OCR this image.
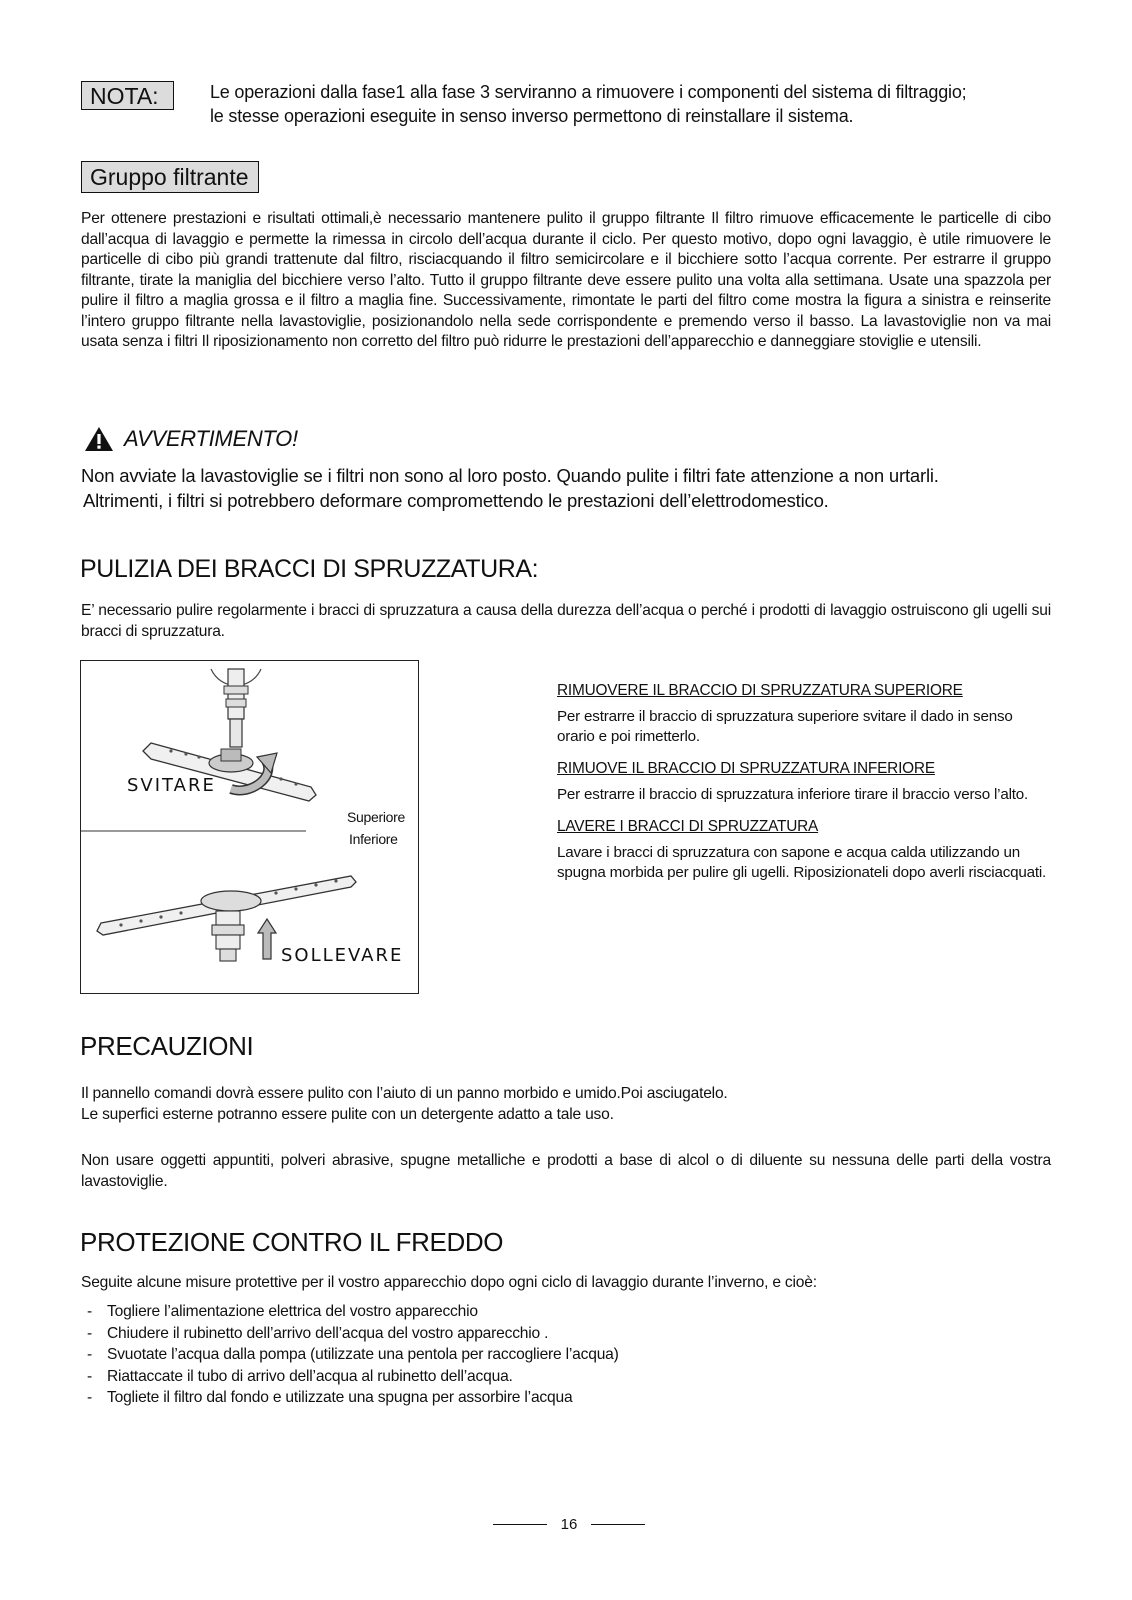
NOTA:	Le operazioni dalla fase1 alla fase 3 serviranno a rimuovere i componenti del sistema di filtraggio;
le stesse operazioni eseguite in senso inverso permettono di reinstallare il sistema.
Gruppo filtrante

Per ottenere prestazioni e risultati ottimali,è necessario mantenere pulito il gruppo filtrante Il filtro rimuove efficacemente le particelle di cibo dall’acqua di lavaggio e permette la rimessa in circolo dell’acqua durante il ciclo. Per questo motivo, dopo ogni lavaggio, è utile rimuovere le particelle di cibo più grandi trattenute dal filtro, risciacquando il filtro semicircolare e il bicchiere sotto l’acqua corrente. Per estrarre il gruppo filtrante, tirate la maniglia del bicchiere verso l’alto. Tutto il gruppo filtrante deve essere pulito una volta alla settimana. Usate una spazzola per pulire il filtro a maglia grossa e il filtro a maglia fine. Successivamente, rimontate le parti del filtro come mostra la figura a sinistra e reinserite l’intero gruppo filtrante nella lavastoviglie, posizionandolo nella sede corrispondente e premendo verso il basso. La lavastoviglie non va mai usata senza i filtri Il riposizionamento non corretto del filtro può ridurre le prestazioni dell’apparecchio e danneggiare stoviglie e utensili.

AVVERTIMENTO!
Non avviate la lavastoviglie se i filtri non sono al loro posto. Quando pulite i filtri fate attenzione a non urtarli.
Altrimenti, i filtri si potrebbero deformare compromettendo le prestazioni dell’elettrodomestico.
PULIZIA DEI BRACCI DI SPRUZZATURA:

E’ necessario pulire regolarmente i bracci di spruzzatura a causa della durezza dell’acqua o perché i prodotti di lavaggio ostruiscono gli ugelli sui bracci di spruzzatura.

SVITARE
Superiore
Inferiore
SOLLEVARE
RIMUOVERE IL BRACCIO DI SPRUZZATURA SUPERIORE
Per estrarre il braccio di spruzzatura superiore svitare il dado in senso orario e poi rimetterlo.
RIMUOVE IL BRACCIO DI SPRUZZATURA INFERIORE
Per estrarre il braccio di spruzzatura inferiore tirare il braccio verso l’alto.
LAVERE I BRACCI DI SPRUZZATURA
Lavare i bracci di spruzzatura con sapone e acqua calda utilizzando un spugna morbida per pulire gli ugelli. Riposizionateli dopo averli risciacquati.
PRECAUZIONI
Il pannello comandi dovrà essere pulito con l’aiuto di un panno morbido e umido.Poi asciugatelo.
Le superfici esterne potranno essere pulite con un detergente adatto a tale uso.

Non usare oggetti appuntiti, polveri abrasive, spugne metalliche e prodotti a base di alcol o di diluente su nessuna delle parti della vostra lavastoviglie.

PROTEZIONE CONTRO IL FREDDO
Seguite alcune misure protettive per il vostro apparecchio dopo ogni ciclo di lavaggio durante l’inverno, e cioè:
- Togliere l’alimentazione elettrica del vostro apparecchio
- Chiudere il rubinetto dell’arrivo dell’acqua del vostro apparecchio .
- Svuotate l’acqua dalla pompa (utilizzate una pentola per raccogliere l’acqua)
- Riattaccate il tubo di arrivo dell’acqua al rubinetto dell’acqua.
- Togliete il filtro dal fondo e utilizzate una spugna per assorbire l’acqua
16
